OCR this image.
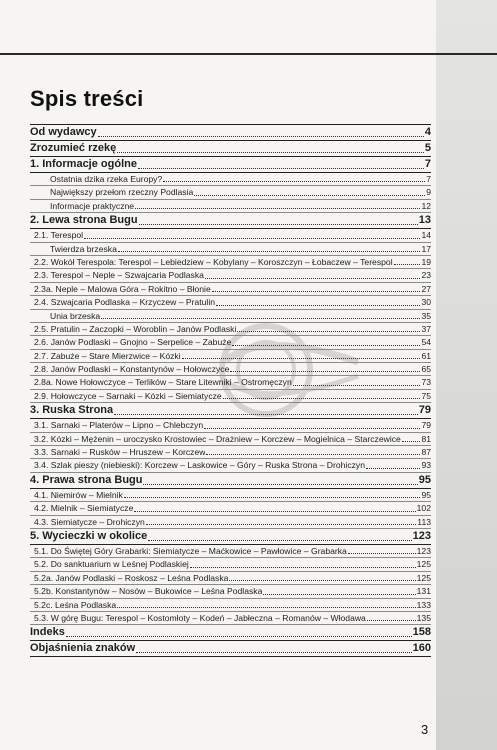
Spis treści
Od wydawcy	4
Zrozumieć rzekę	5
1. Informacje ogólne	7
Ostatnia dzika rzeka Europy?	7
Największy przełom rzeczny Podlasia	9
Informacje praktyczne	12
2. Lewa strona Bugu	13
2.1. Terespol	14
Twierdza brzeska	17
2.2. Wokół Terespola: Terespol – Lebiedziew – Kobylany – Koroszczyn – Łobaczew – Terespol	19
2.3. Terespol – Neple – Szwajcaria Podlaska	23
2.3a. Neple – Malowa Góra – Rokitno – Błonie	27
2.4. Szwajcaria Podlaska – Krzyczew – Pratulin	30
Unia brzeska	35
2.5. Pratulin – Zaczopki – Woroblin – Janów Podlaski	37
2.6. Janów Podlaski – Gnojno – Serpelice – Zabuże	54
2.7. Zabuże – Stare Mierzwice – Kózki	61
2.8. Janów Podlaski – Konstantynów – Hołowczyce	65
2.8a. Nowe Hołowczyce – Terlików – Stare Litewniki – Ostromęczyn	73
2.9. Hołowczyce – Sarnaki – Kózki – Siemiatycze	75
3. Ruska Strona	79
3.1. Sarnaki – Platerów – Lipno – Chlebczyn	79
3.2. Kózki – Mężenin – uroczysko Krostowiec – Drażniew – Korczew – Mogielnica – Starczewice 81
3.3. Sarnaki – Rusków – Hruszew – Korczew	87
3.4. Szlak pieszy (niebieski): Korczew – Laskowice – Góry – Ruska Strona – Drohiczyn	93
4. Prawa strona Bugu	95
4.1. Niemirów – Mielnik	95
4.2. Mielnik – Siemiatycze	102
4.3. Siemiatycze – Drohiczyn	113
5. Wycieczki w okolice	123
5.1. Do Świętej Góry Grabarki: Siemiatycze – Maćkowice – Pawłowice – Grabarka	123
5.2. Do sanktuarium w Leśnej Podlaskiej	125
5.2a. Janów Podlaski – Roskosz – Leśna Podlaska	125
5.2b. Konstantynów – Nosów – Bukowice – Leśna Podlaska	131
5.2c. Leśna Podlaska	133
5.3. W górę Bugu: Terespol – Kostomłoty – Kodeń – Jabłeczna – Romanów – Włodawa	135
Indeks	158
Objaśnienia znaków	160
3
